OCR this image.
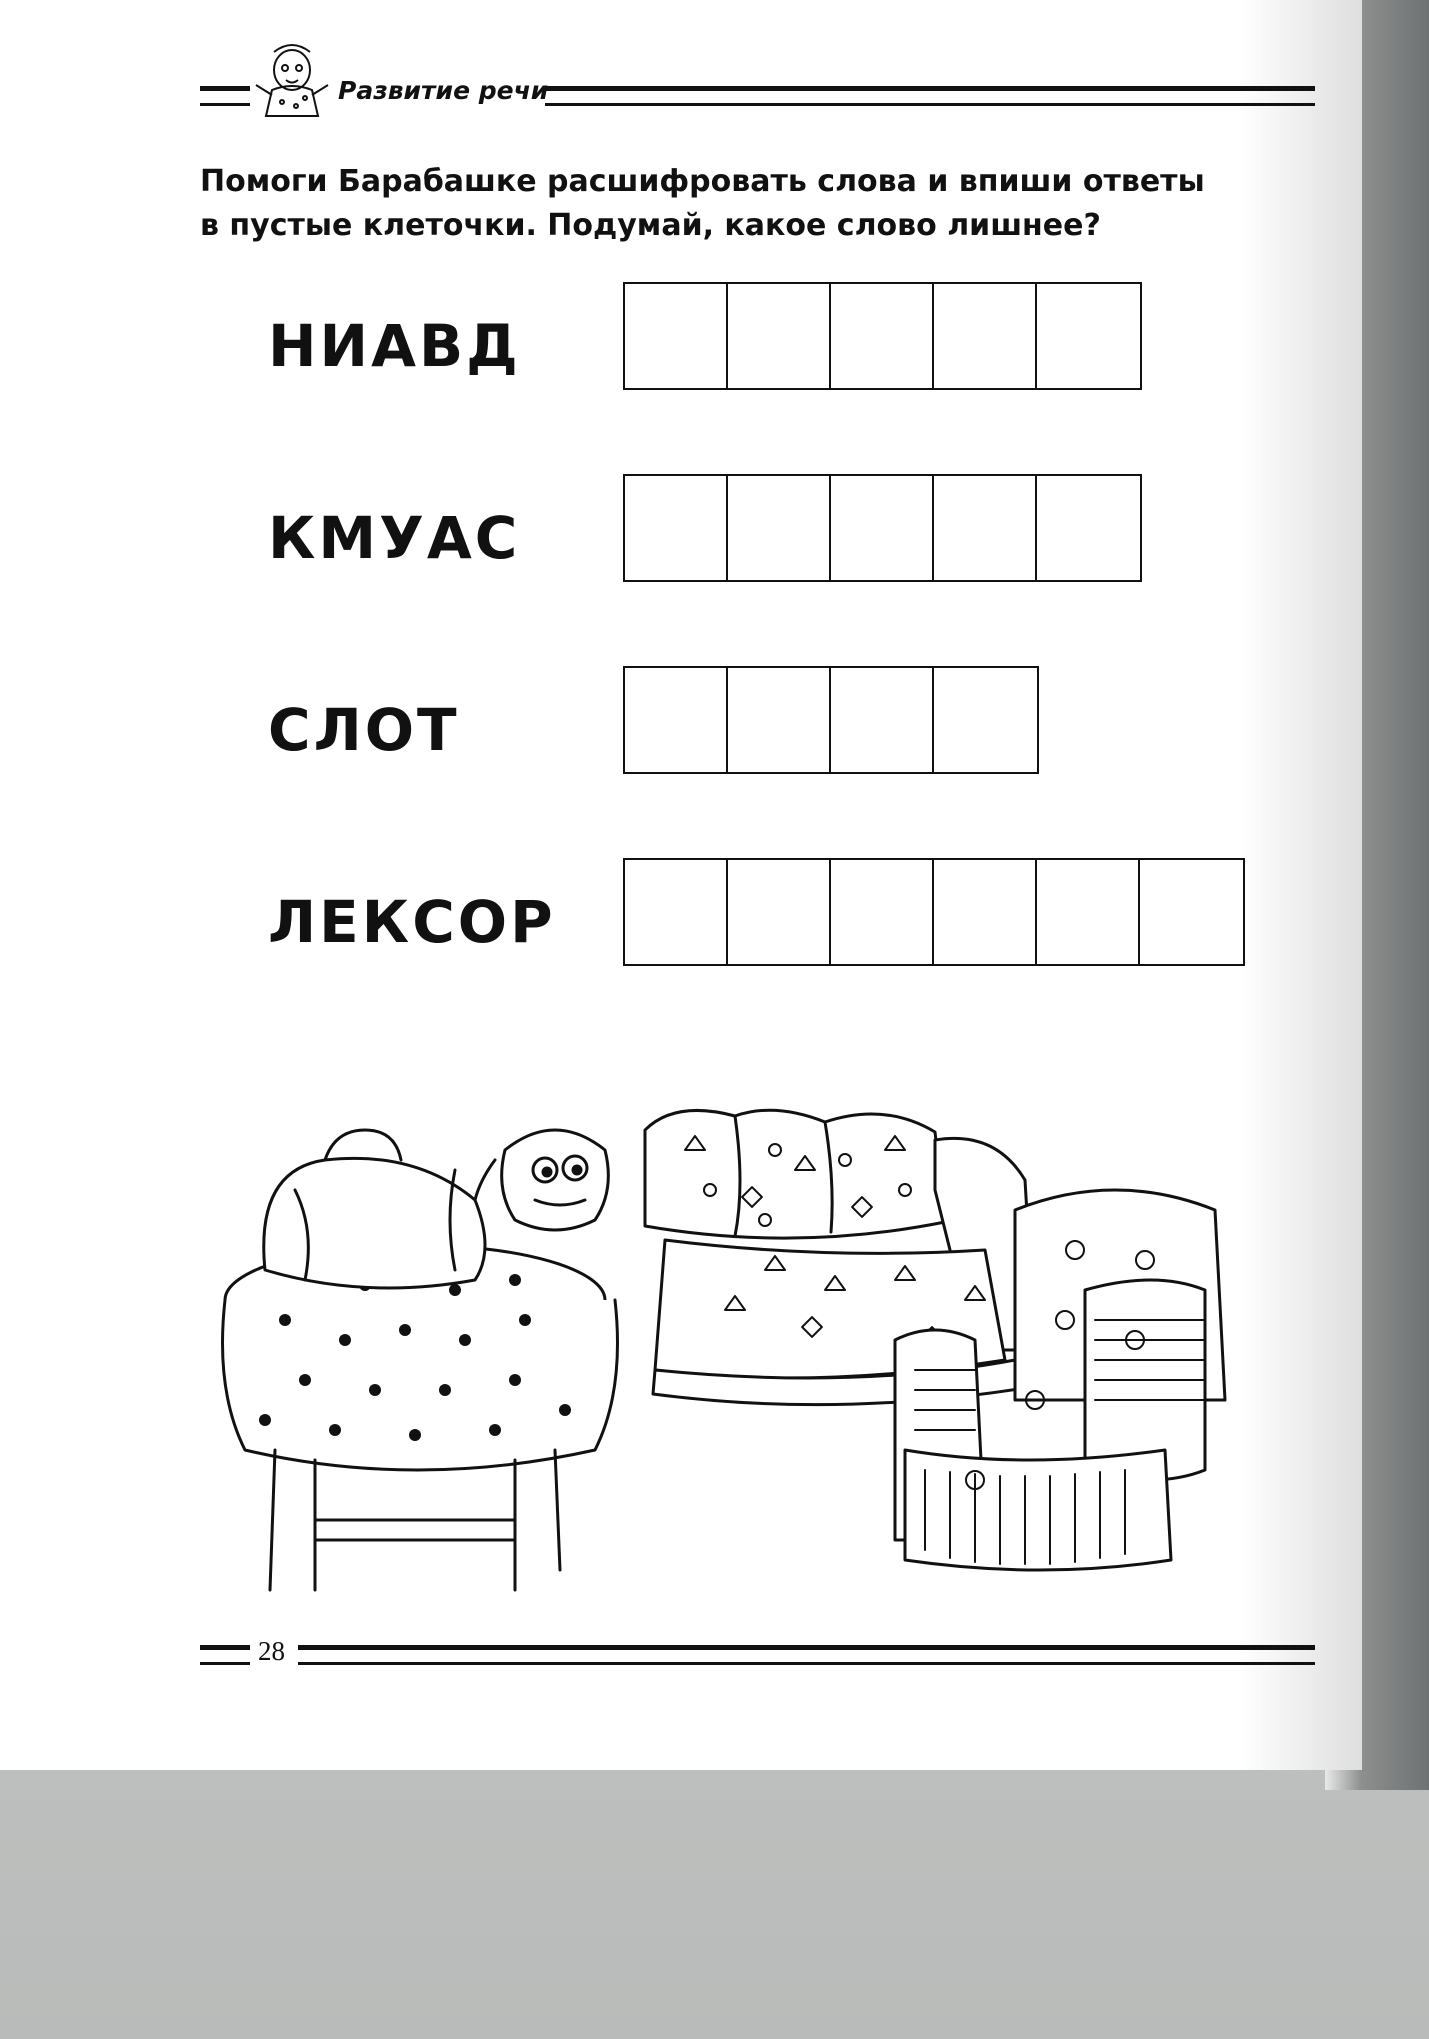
Развитие речи
Помоги Барабашке расшифровать слова и впиши ответы
в пустые клеточки. Подумай, какое слово лишнее?
НИАВД
КМУАС
СЛОТ
ЛЕКСОР
28
